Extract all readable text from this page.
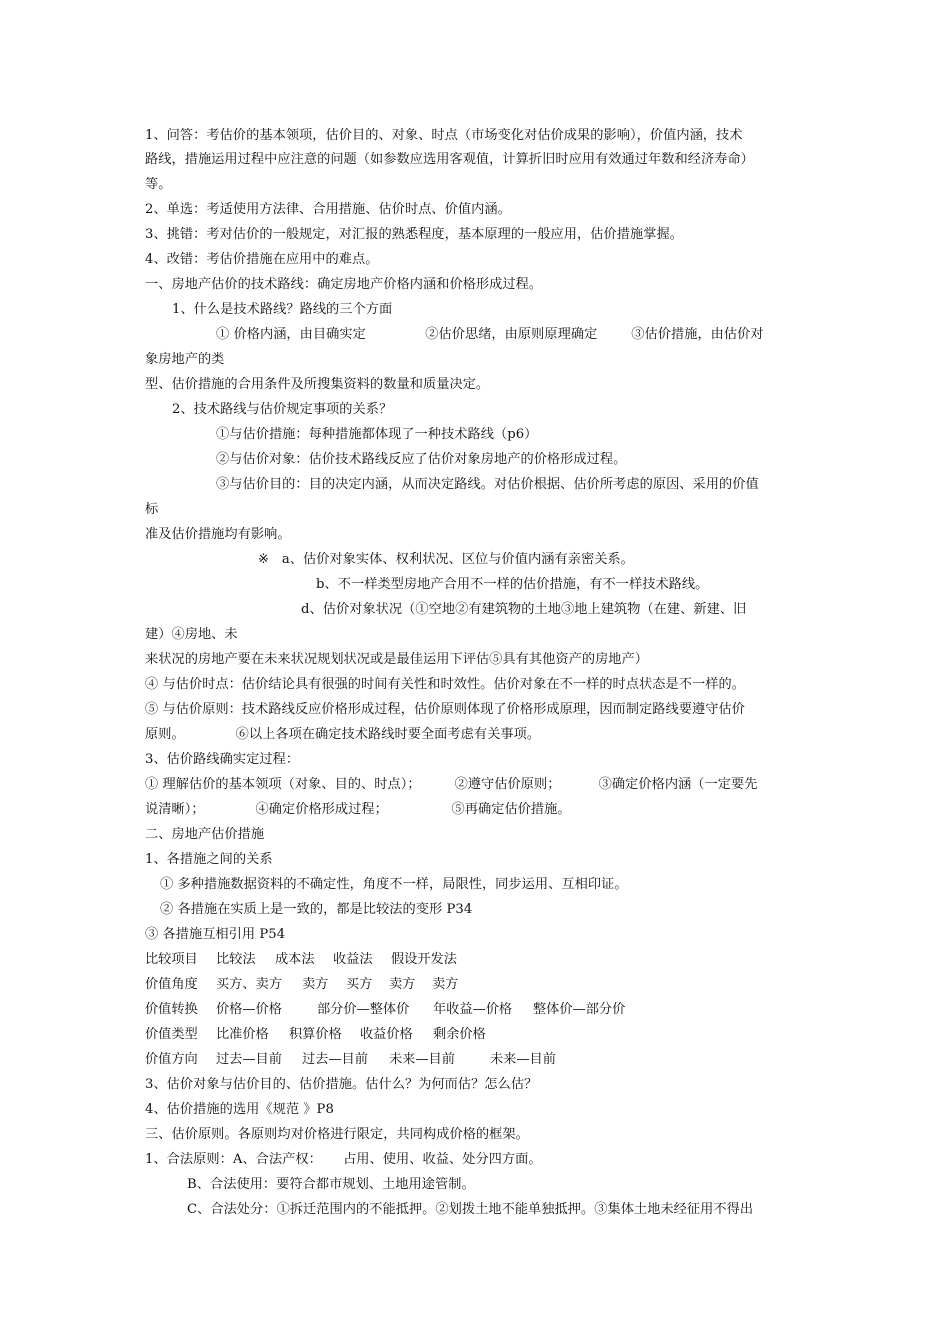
1、问答：考估价的基本领项，估价目的、对象、时点（市场变化对估价成果的影响），价值内涵，技术
路线，措施运用过程中应注意的问题（如参数应选用客观值，计算折旧时应用有效通过年数和经济寿命）
等。
2、单选：考适使用方法律、合用措施、估价时点、价值内涵。
3、挑错：考对估价的一般规定，对汇报的熟悉程度，基本原理的一般应用，估价措施掌握。
4、改错：考估价措施在应用中的难点。
一、房地产估价的技术路线：确定房地产价格内涵和价格形成过程。
1、什么是技术路线？路线的三个方面
① 价格内涵，由目确实定              ②估价思绪，由原则原理确定        ③估价措施，由估价对
象房地产的类
型、估价措施的合用条件及所搜集资料的数量和质量决定。
2、技术路线与估价规定事项的关系？
①与估价措施：每种措施都体现了一种技术路线（p6）
②与估价对象：估价技术路线反应了估价对象房地产的价格形成过程。
③与估价目的：目的决定内涵，从而决定路线。对估价根据、估价所考虑的原因、采用的价值
标
准及估价措施均有影响。
※   a、估价对象实体、权利状况、区位与价值内涵有亲密关系。
b、不一样类型房地产合用不一样的估价措施，有不一样技术路线。
d、估价对象状况（①空地②有建筑物的土地③地上建筑物（在建、新建、旧
建）④房地、未
来状况的房地产要在未来状况规划状况或是最佳运用下评估⑤具有其他资产的房地产）
④ 与估价时点：估价结论具有很强的时间有关性和时效性。估价对象在不一样的时点状态是不一样的。
⑤ 与估价原则：技术路线反应价格形成过程，估价原则体现了价格形成原理，因而制定路线要遵守估价
原则。            ⑥以上各项在确定技术路线时要全面考虑有关事项。
3、估价路线确实定过程：
① 理解估价的基本领项（对象、目的、时点）；        ②遵守估价原则；         ③确定价格内涵（一定要先
说清晰）；            ④确定价格形成过程；               ⑤再确定估价措施。
二、房地产估价措施
1、各措施之间的关系
① 多种措施数据资料的不确定性，角度不一样，局限性，同步运用、互相印证。
② 各措施在实质上是一致的，都是比较法的变形 P34
③ 各措施互相引用 P54
比较项目 比较法 成本法 收益法 假设开发法
价值角度 买方、卖方 卖方 买方 卖方 卖方
价值转换 价格—价格	部分价—整体价 年收益—价格 整体价—部分价
价值类型 比准价格 积算价格 收益价格 剩余价格
价值方向 过去—目前 过去—目前 未来—目前	未来—目前
3、估价对象与估价目的、估价措施。估什么？为何而估？怎么估？
4、估价措施的选用《规范 》P8
三、估价原则。各原则均对价格进行限定，共同构成价格的框架。
1、合法原则：A、合法产权：     占用、使用、收益、处分四方面。
B、合法使用：要符合都市规划、土地用途管制。
C、合法处分：①拆迁范围内的不能抵押。②划拨土地不能单独抵押。③集体土地未经征用不得出
